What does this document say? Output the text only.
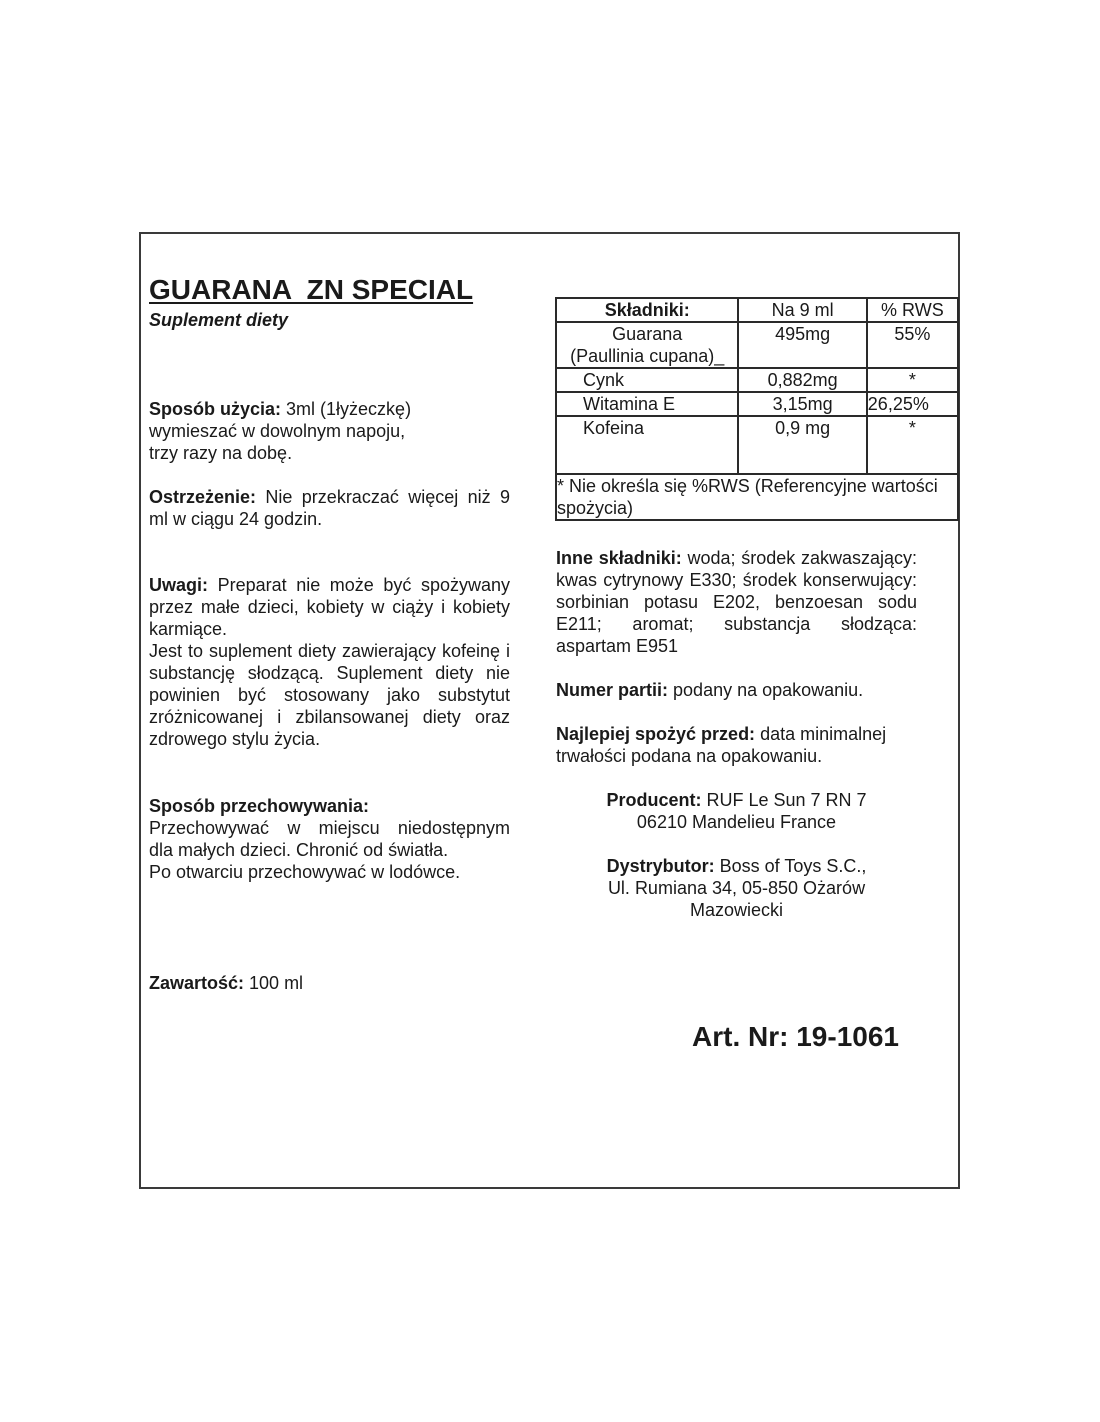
GUARANA  ZN SPECIAL
Suplement diety
Sposób użycia: 3ml (1łyżeczkę)
wymieszać w dowolnym napoju,
trzy razy na dobę.

Ostrzeżenie: Nie przekraczać więcej niż 9 ml w ciągu 24 godzin.

Uwagi: Preparat nie może być spożywany przez małe dzieci, kobiety w ciąży i kobiety karmiące.

Jest to suplement diety zawierający kofeinę i substancję słodzącą. Suplement diety nie powinien być stosowany jako substytut zróżnicowanej i zbilansowanej diety oraz zdrowego stylu życia.

Sposób przechowywania:
Przechowywać w miejscu niedostępnym
dla małych dzieci. Chronić od światła.
Po otwarciu przechowywać w lodówce.
Zawartość: 100 ml
Składniki:	Na 9 ml	% RWS

Guarana
(Paullinia cupana)_	495mg	55%
Cynk	0,882mg	*
Witamina E	3,15mg	26,25%
Kofeina	0,9 mg	*
* Nie określa się %RWS (Referencyjne wartości spożycia)		

Inne składniki: woda; środek zakwaszający: kwas cytrynowy E330; środek konserwujący: sorbinian potasu E202, benzoesan sodu E211; aromat; substancja słodząca: aspartam E951

Numer partii: podany na opakowaniu.

Najlepiej spożyć przed: data minimalnej trwałości podana na opakowaniu.

Producent: RUF Le Sun 7 RN 7
06210 Mandelieu France
Dystrybutor: Boss of Toys S.C.,
Ul. Rumiana 34, 05-850 Ożarów
Mazowiecki
Art. Nr: 19-1061
